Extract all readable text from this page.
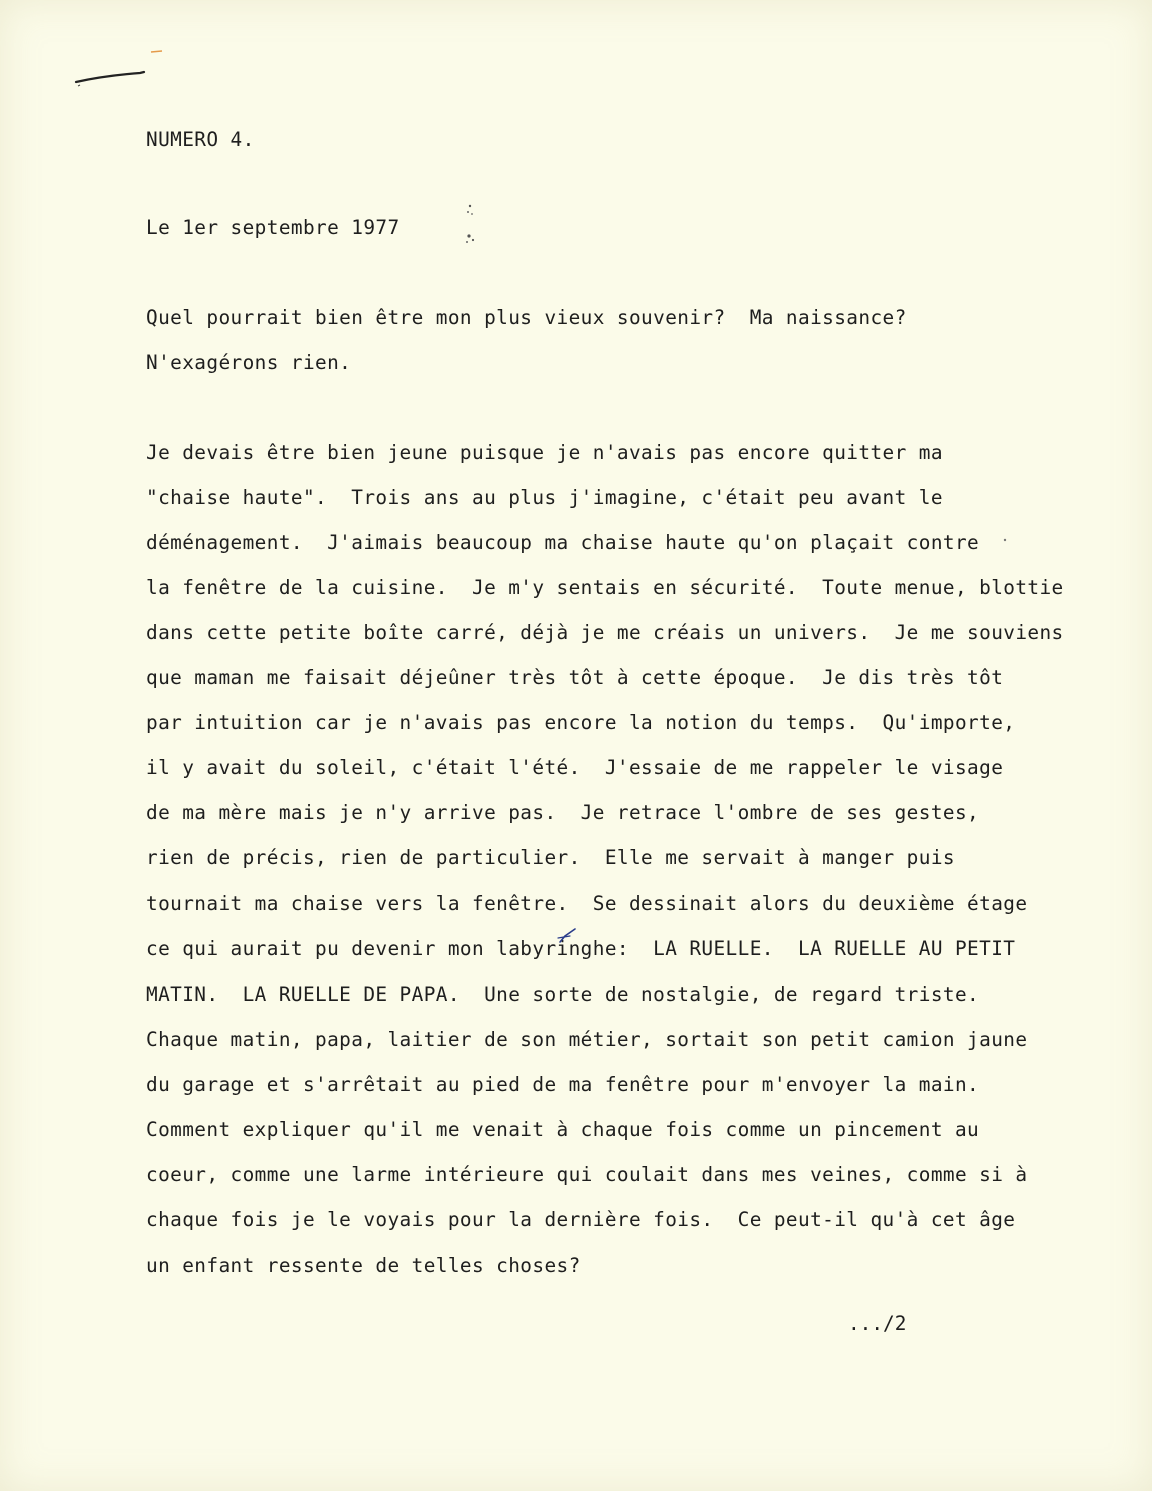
NUMERO 4.
Le 1er septembre 1977
Quel pourrait bien être mon plus vieux souvenir?  Ma naissance?
N'exagérons rien.
Je devais être bien jeune puisque je n'avais pas encore quitter ma
"chaise haute".  Trois ans au plus j'imagine, c'était peu avant le
déménagement.  J'aimais beaucoup ma chaise haute qu'on plaçait contre
la fenêtre de la cuisine.  Je m'y sentais en sécurité.  Toute menue, blottie
dans cette petite boîte carré, déjà je me créais un univers.  Je me souviens
que maman me faisait déjeûner très tôt à cette époque.  Je dis très tôt
par intuition car je n'avais pas encore la notion du temps.  Qu'importe,
il y avait du soleil, c'était l'été.  J'essaie de me rappeler le visage
de ma mère mais je n'y arrive pas.  Je retrace l'ombre de ses gestes,
rien de précis, rien de particulier.  Elle me servait à manger puis
tournait ma chaise vers la fenêtre.  Se dessinait alors du deuxième étage
ce qui aurait pu devenir mon labyringhe:  LA RUELLE.  LA RUELLE AU PETIT
MATIN.  LA RUELLE DE PAPA.  Une sorte de nostalgie, de regard triste.
Chaque matin, papa, laitier de son métier, sortait son petit camion jaune
du garage et s'arrêtait au pied de ma fenêtre pour m'envoyer la main.
Comment expliquer qu'il me venait à chaque fois comme un pincement au
coeur, comme une larme intérieure qui coulait dans mes veines, comme si à
chaque fois je le voyais pour la dernière fois.  Ce peut-il qu'à cet âge
un enfant ressente de telles choses?
.../2
